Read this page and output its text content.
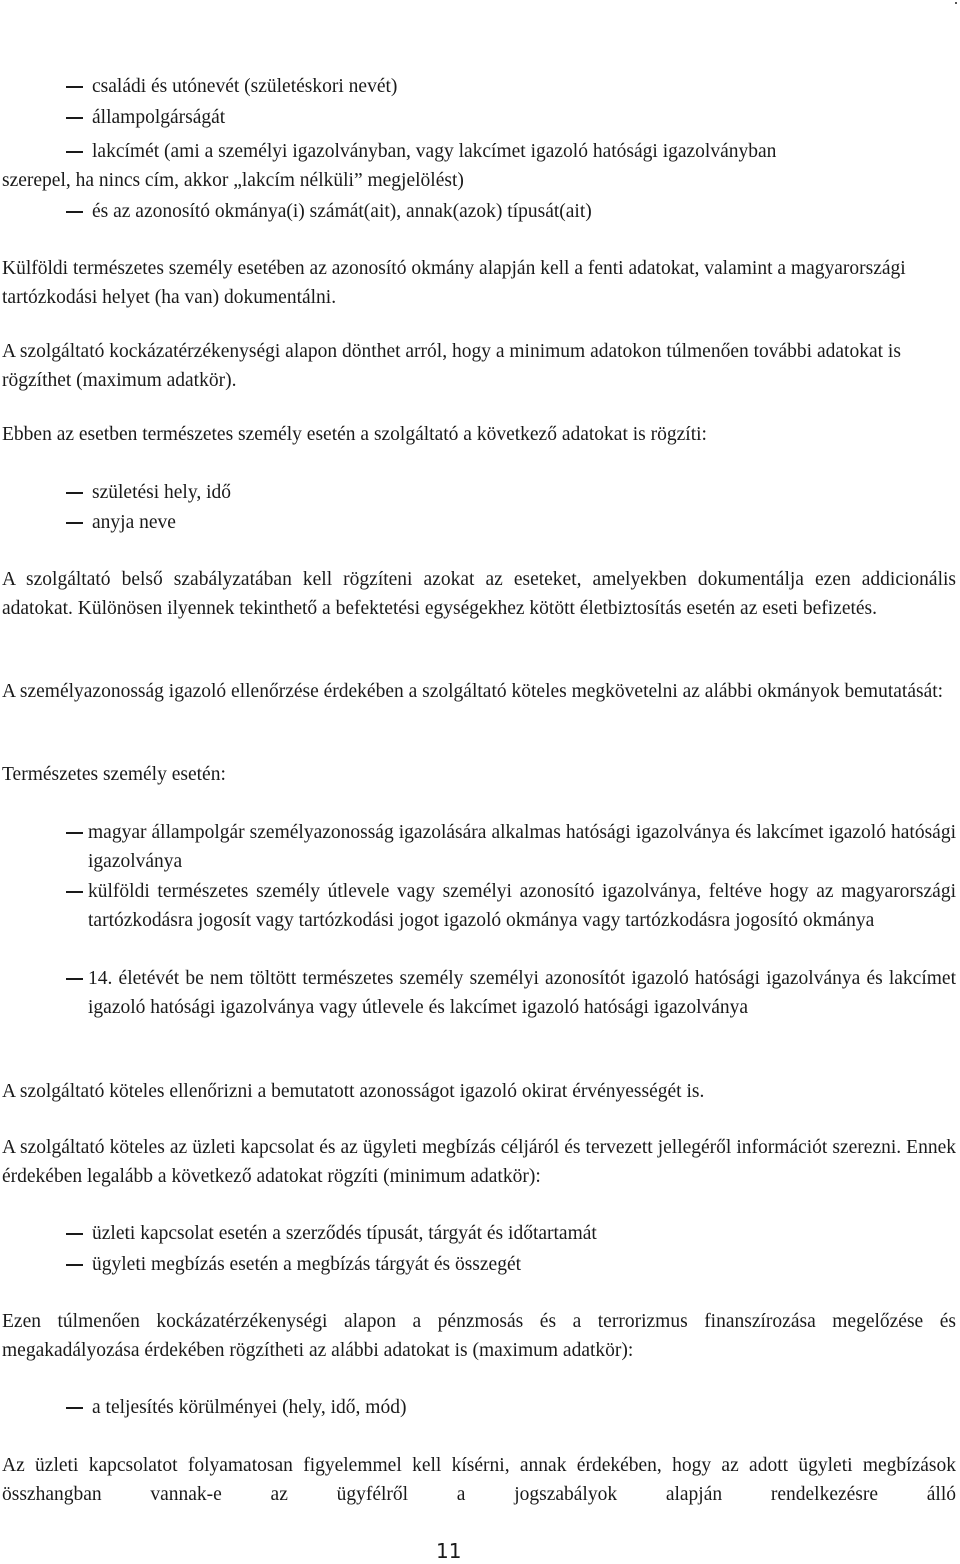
családi és utónevét (születéskori nevét)

állampolgárságát

lakcímét (ami a személyi igazolványban, vagy lakcímet igazoló hatósági igazolványban

szerepel, ha nincs cím, akkor „lakcím nélküli” megjelölést)

és az azonosító okmánya(i) számát(ait), annak(azok) típusát(ait)

Külföldi természetes személy esetében az azonosító okmány alapján kell a fenti adatokat, valamint a magyarországi tartózkodási helyet (ha van) dokumentálni.

A szolgáltató kockázatérzékenységi alapon dönthet arról, hogy a minimum adatokon túlmenően további adatokat is rögzíthet (maximum adatkör).

Ebben az esetben természetes személy esetén a szolgáltató a következő adatokat is rögzíti:

születési hely, idő

anyja neve

A szolgáltató belső szabályzatában kell rögzíteni azokat az eseteket, amelyekben dokumentálja ezen addicionális adatokat. Különösen ilyennek tekinthető a befektetési egységekhez kötött életbiztosítás esetén az eseti befizetés.

A személyazonosság igazoló ellenőrzése érdekében a szolgáltató köteles megkövetelni az alábbi okmányok bemutatását:

Természetes személy esetén:

magyar állampolgár személyazonosság igazolására alkalmas hatósági igazolványa és lakcímet igazoló hatósági igazolványa

külföldi természetes személy útlevele vagy személyi azonosító igazolványa, feltéve hogy az magyarországi tartózkodásra jogosít vagy tartózkodási jogot igazoló okmánya vagy tartózkodásra jogosító okmánya

14. életévét be nem töltött természetes személy személyi azonosítót igazoló hatósági igazolványa és lakcímet igazoló hatósági igazolványa vagy útlevele és lakcímet igazoló hatósági igazolványa

A szolgáltató köteles ellenőrizni a bemutatott azonosságot igazoló okirat érvényességét is.

A szolgáltató köteles az üzleti kapcsolat és az ügyleti megbízás céljáról és tervezett jellegéről információt szerezni. Ennek érdekében legalább a következő adatokat rögzíti (minimum adatkör):

üzleti kapcsolat esetén a szerződés típusát, tárgyát és időtartamát

ügyleti megbízás esetén a megbízás tárgyát és összegét

Ezen túlmenően kockázatérzékenységi alapon a pénzmosás és a terrorizmus finanszírozása megelőzése és megakadályozása érdekében rögzítheti az alábbi adatokat is (maximum adatkör):

a teljesítés körülményei (hely, idő, mód)

Az üzleti kapcsolatot folyamatosan figyelemmel kell kísérni, annak érdekében, hogy az adott ügyleti megbízások összhangban vannak-e az ügyfélről a jogszabályok alapján rendelkezésre álló

11
